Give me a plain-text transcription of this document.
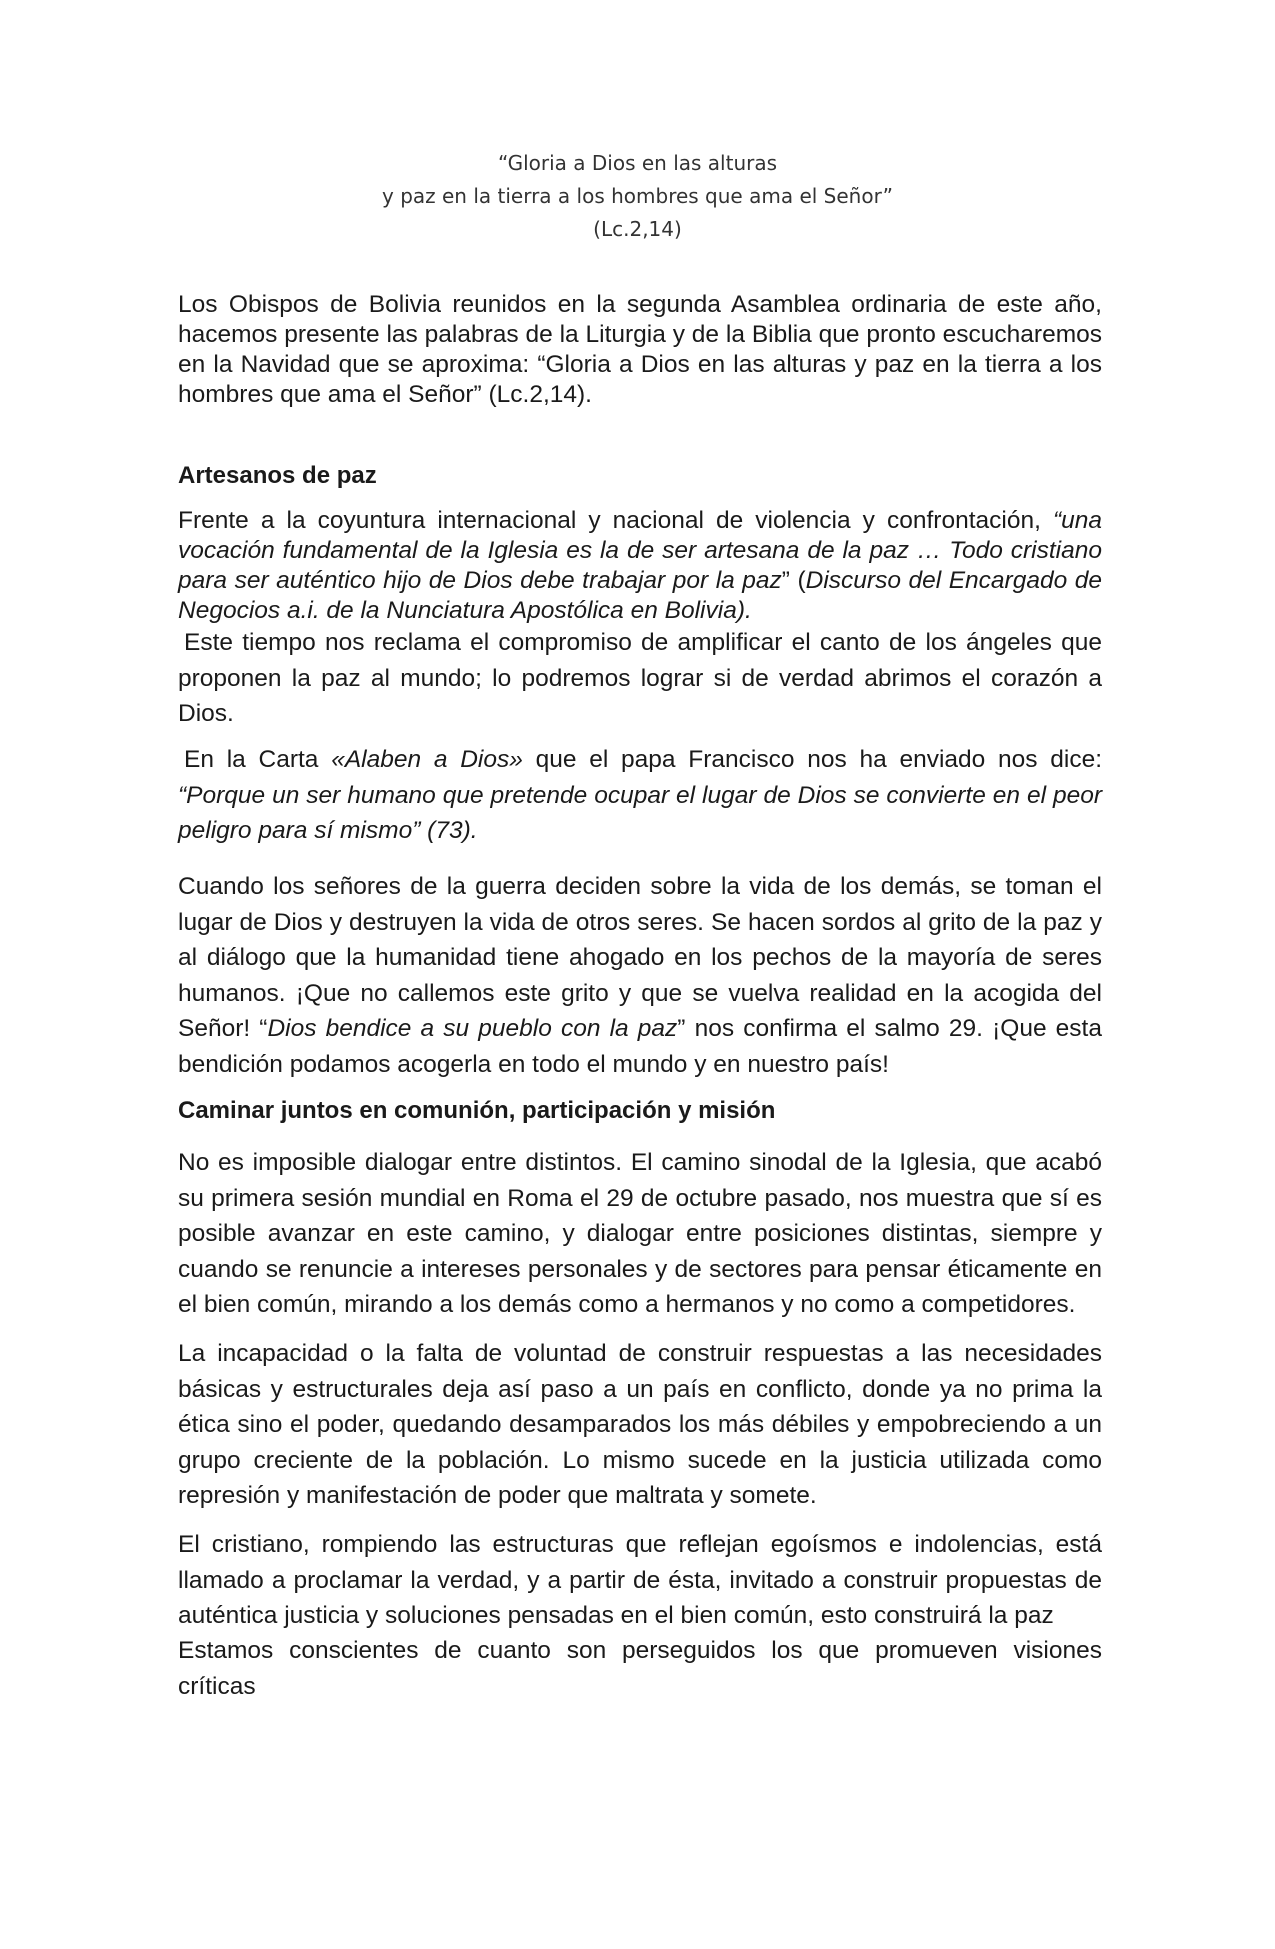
“Gloria a Dios en las alturas
y paz en la tierra a los hombres que ama el Señor”
(Lc.2,14)

Los Obispos de Bolivia reunidos en la segunda Asamblea ordinaria de este año, hacemos presente las palabras de la Liturgia y de la Biblia que pronto escucharemos en la Navidad que se aproxima: “Gloria a Dios en las alturas y paz en la tierra a los hombres que ama el Señor” (Lc.2,14).

Artesanos de paz

Frente a la coyuntura internacional y nacional de violencia y confrontación, “una vocación fundamental de la Iglesia es la de ser artesana de la paz … Todo cristiano para ser auténtico hijo de Dios debe trabajar por la paz” (Discurso del Encargado de Negocios a.i. de la Nunciatura Apostólica en Bolivia).

Este tiempo nos reclama el compromiso de amplificar el canto de los ángeles que proponen la paz al mundo; lo podremos lograr si de verdad abrimos el corazón a Dios.

En la Carta «Alaben a Dios» que el papa Francisco nos ha enviado nos dice: “Porque un ser humano que pretende ocupar el lugar de Dios se convierte en el peor peligro para sí mismo” (73).

Cuando los señores de la guerra deciden sobre la vida de los demás, se toman el lugar de Dios y destruyen la vida de otros seres. Se hacen sordos al grito de la paz y al diálogo que la humanidad tiene ahogado en los pechos de la mayoría de seres humanos. ¡Que no callemos este grito y que se vuelva realidad en la acogida del Señor! “Dios bendice a su pueblo con la paz” nos confirma el salmo 29. ¡Que esta bendición podamos acogerla en todo el mundo y en nuestro país!

Caminar juntos en comunión, participación y misión

No es imposible dialogar entre distintos. El camino sinodal de la Iglesia, que acabó su primera sesión mundial en Roma el 29 de octubre pasado, nos muestra que sí es posible avanzar en este camino, y dialogar entre posiciones distintas, siempre y cuando se renuncie a intereses personales y de sectores para pensar éticamente en el bien común, mirando a los demás como a hermanos y no como a competidores.

La incapacidad o la falta de voluntad de construir respuestas a las necesidades básicas y estructurales deja así paso a un país en conflicto, donde ya no prima la ética sino el poder, quedando desamparados los más débiles y empobreciendo a un grupo creciente de la población. Lo mismo sucede en la justicia utilizada como represión y manifestación de poder que maltrata y somete.

El cristiano, rompiendo las estructuras que reflejan egoísmos e indolencias, está llamado a proclamar la verdad, y a partir de ésta, invitado a construir propuestas de auténtica justicia y soluciones pensadas en el bien común, esto construirá la paz

Estamos conscientes de cuanto son perseguidos los que promueven visiones críticas
